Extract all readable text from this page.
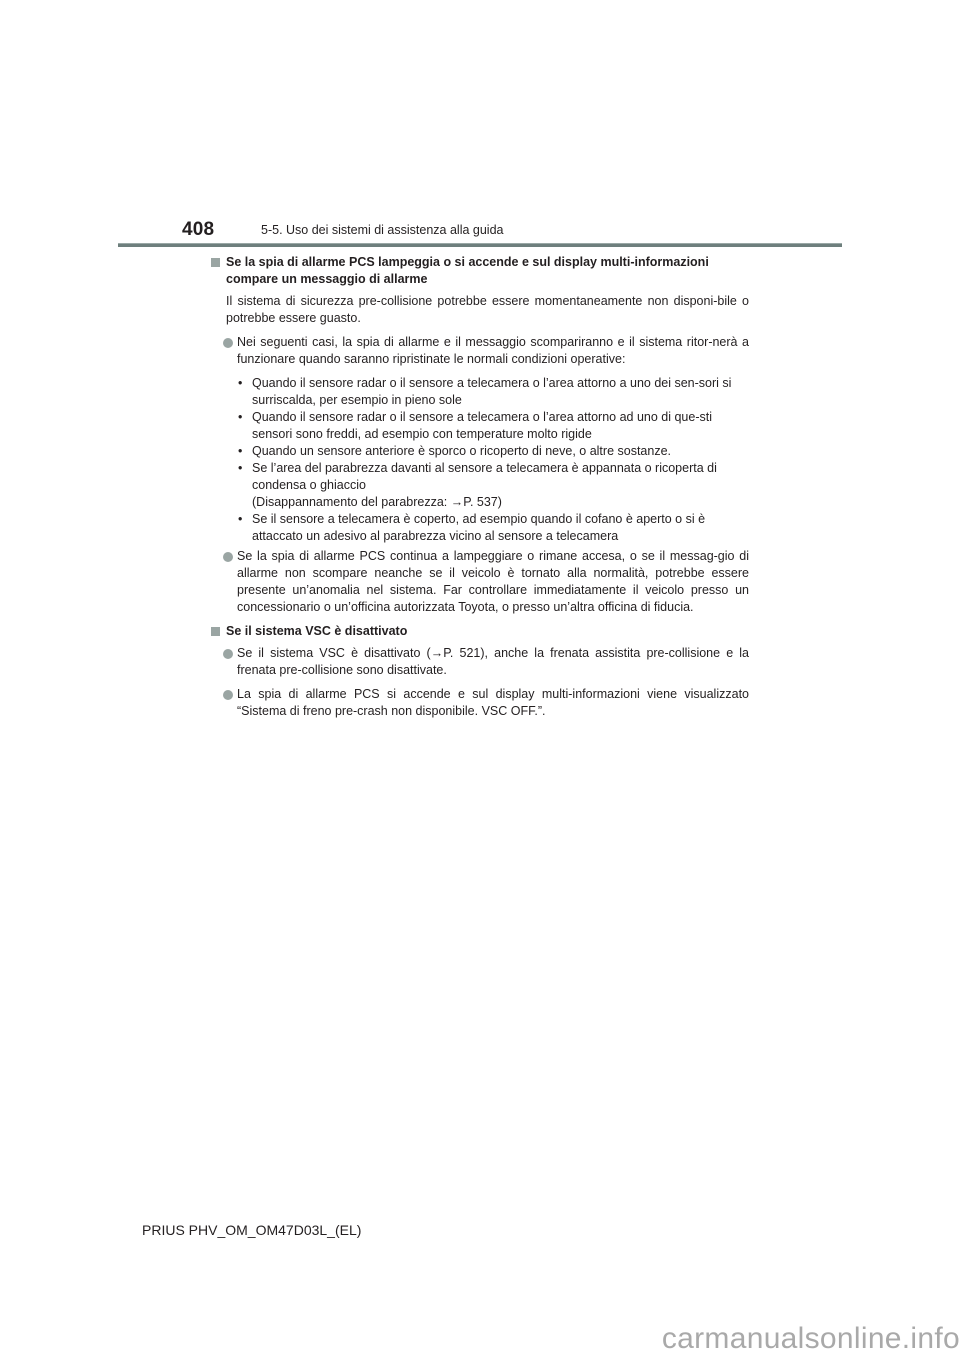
408	5-5. Uso dei sistemi di assistenza alla guida
Se la spia di allarme PCS lampeggia o si accende e sul display multi-informazioni compare un messaggio di allarme
Il sistema di sicurezza pre-collisione potrebbe essere momentaneamente non disponi-bile o potrebbe essere guasto.
Nei seguenti casi, la spia di allarme e il messaggio scompariranno e il sistema ritor-nerà a funzionare quando saranno ripristinate le normali condizioni operative:
• Quando il sensore radar o il sensore a telecamera o l’area attorno a uno dei sen-sori si surriscalda, per esempio in pieno sole
• Quando il sensore radar o il sensore a telecamera o l’area attorno ad uno di que-sti sensori sono freddi, ad esempio con temperature molto rigide
• Quando un sensore anteriore è sporco o ricoperto di neve, o altre sostanze.
• Se l’area del parabrezza davanti al sensore a telecamera è appannata o ricoperta di condensa o ghiaccio
(Disappannamento del parabrezza: →P. 537)
• Se il sensore a telecamera è coperto, ad esempio quando il cofano è aperto o si è attaccato un adesivo al parabrezza vicino al sensore a telecamera
Se la spia di allarme PCS continua a lampeggiare o rimane accesa, o se il messag-gio di allarme non scompare neanche se il veicolo è tornato alla normalità, potrebbe essere presente un’anomalia nel sistema. Far controllare immediatamente il veicolo presso un concessionario o un’officina autorizzata Toyota, o presso un’altra officina di fiducia.
Se il sistema VSC è disattivato
Se il sistema VSC è disattivato (→P. 521), anche la frenata assistita pre-collisione e la frenata pre-collisione sono disattivate.
La spia di allarme PCS si accende e sul display multi-informazioni viene visualizzato “Sistema di freno pre-crash non disponibile. VSC OFF.”.
PRIUS PHV_OM_OM47D03L_(EL)
carmanualsonline.info
